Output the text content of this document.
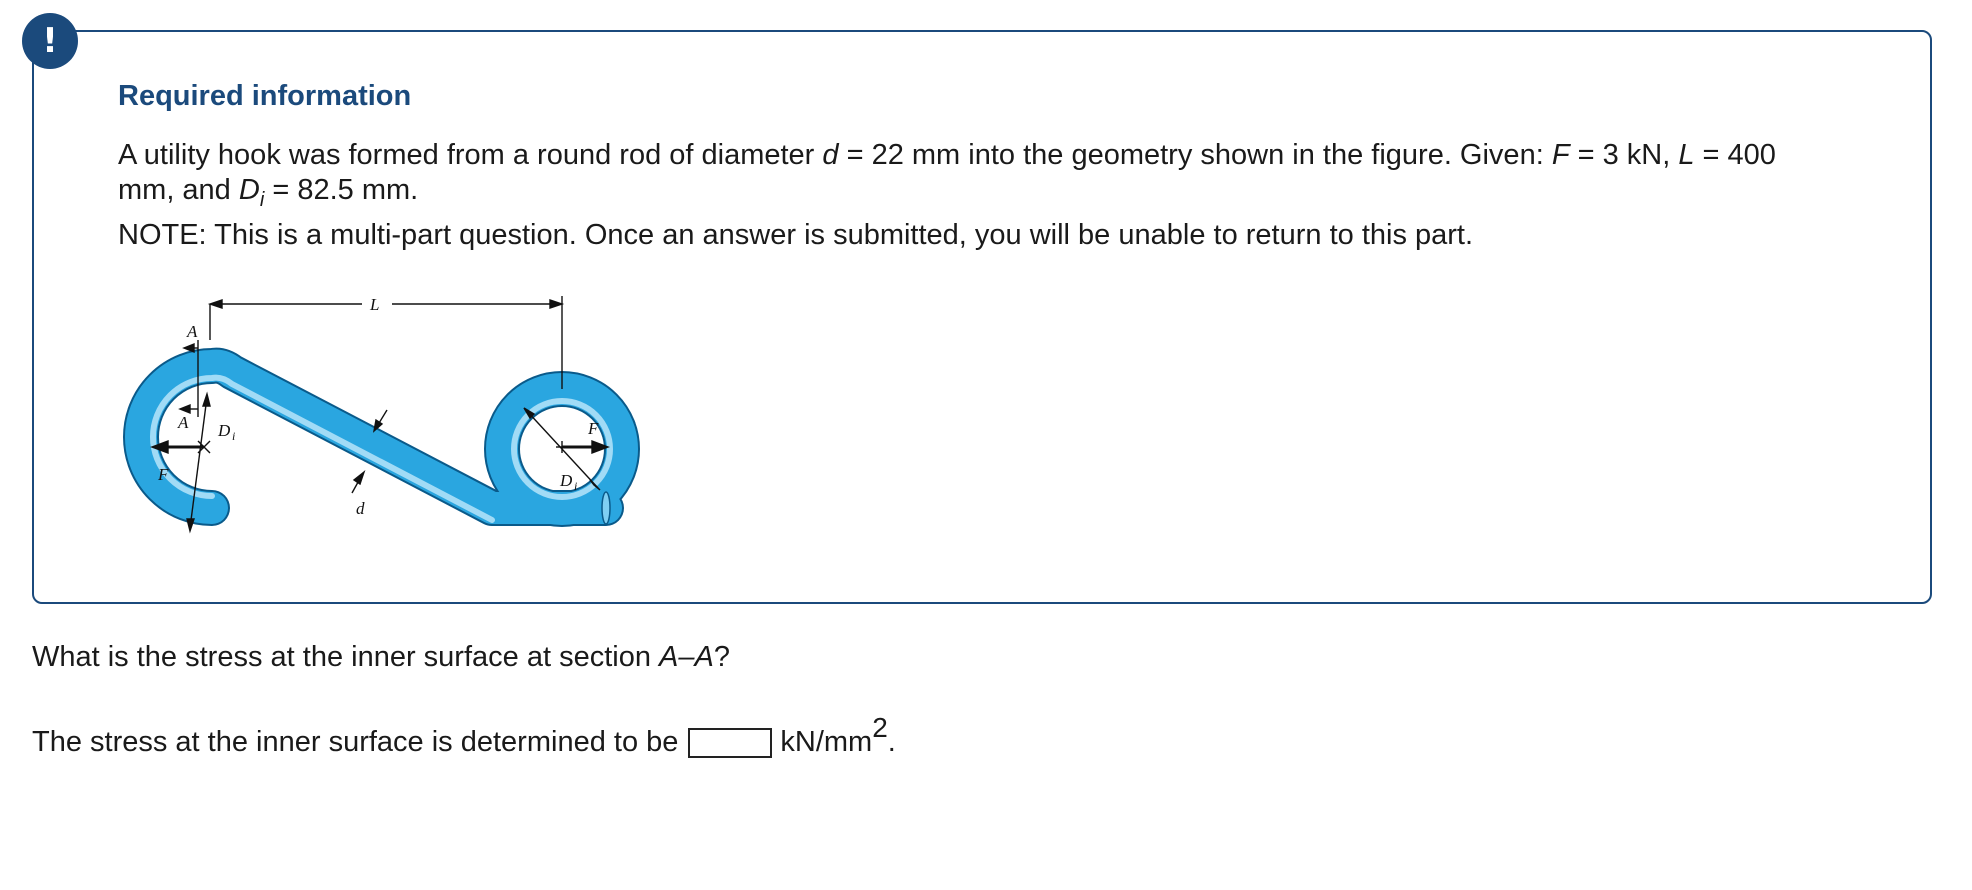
!
Required information

A utility hook was formed from a round rod of diameter d = 22 mm into the geometry shown in the figure. Given: F = 3 kN, L = 400 mm, and $D_i = 82.5$ mm.

NOTE: This is a multi-part question. Once an answer is submitted, you will be unable to return to this part.

L
A
A D i
F
F
D i
d

What is the stress at the inner surface at section A–A?

The stress at the inner surface is determined to be	$kN/mm^2$.
